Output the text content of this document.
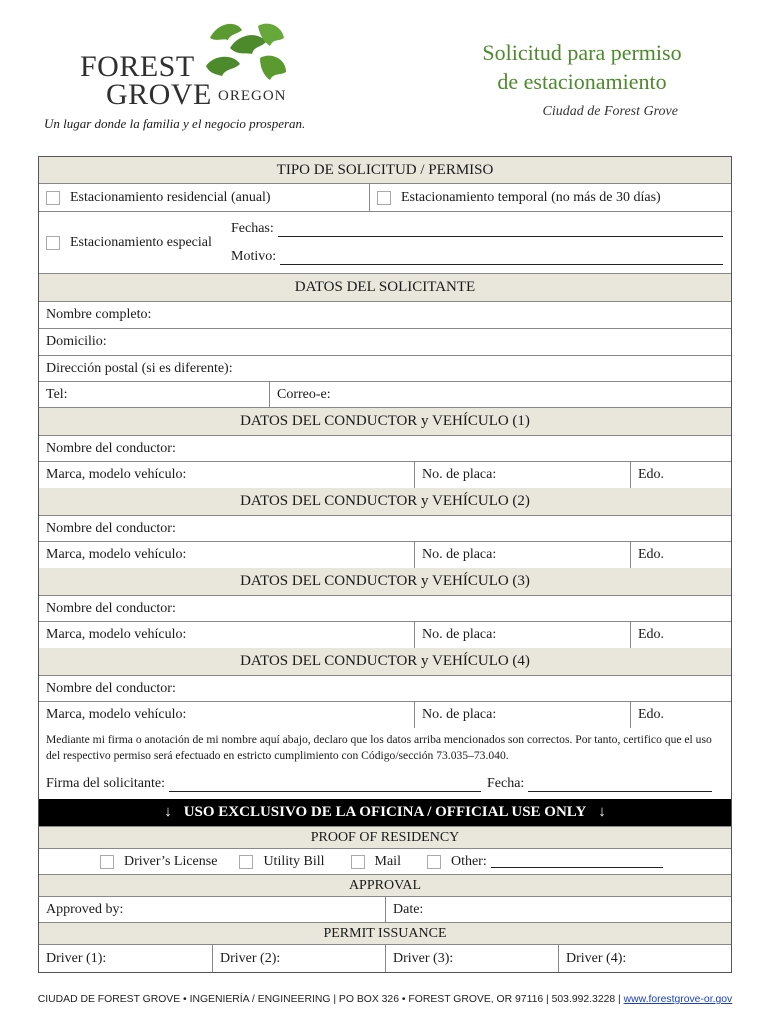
FOREST
GROVE OREGON
Un lugar donde la familia y el negocio prosperan.
Solicitud para permiso
de estacionamiento
Ciudad de Forest Grove
TIPO DE SOLICITUD / PERMISO
Estacionamiento residencial (anual)	Estacionamiento temporal (no más de 30 días)
Estacionamiento especial
Fechas:
Motivo:
DATOS DEL SOLICITANTE
Nombre completo:
Domicilio:
Dirección postal (si es diferente):
Tel:	Correo-e:
DATOS DEL CONDUCTOR y VEHÍCULO (1)
Nombre del conductor:
Marca, modelo vehículo:	No. de placa:	Edo.
DATOS DEL CONDUCTOR y VEHÍCULO (2)
Nombre del conductor:
Marca, modelo vehículo:	No. de placa:	Edo.
DATOS DEL CONDUCTOR y VEHÍCULO (3)
Nombre del conductor:
Marca, modelo vehículo:	No. de placa:	Edo.
DATOS DEL CONDUCTOR y VEHÍCULO (4)
Nombre del conductor:
Marca, modelo vehículo:	No. de placa:	Edo.
Mediante mi firma o anotación de mi nombre aquí abajo, declaro que los datos arriba mencionados son correctos. Por tanto, certifico que el uso del respectivo permiso será efectuado en estricto cumplimiento con Código/sección 73.035–73.040.
Firma del solicitante:	Fecha:
↓ USO EXCLUSIVO DE LA OFICINA / OFFICIAL USE ONLY ↓
PROOF OF RESIDENCY
Driver’s License	Utility Bill	Mail	Other:
APPROVAL
Approved by:	Date:
PERMIT ISSUANCE
Driver (1):	Driver (2):	Driver (3):	Driver (4):
CIUDAD DE FOREST GROVE • INGENIERÍA / ENGINEERING | PO BOX 326 • FOREST GROVE, OR 97116 | 503.992.3228 | www.forestgrove-or.gov
